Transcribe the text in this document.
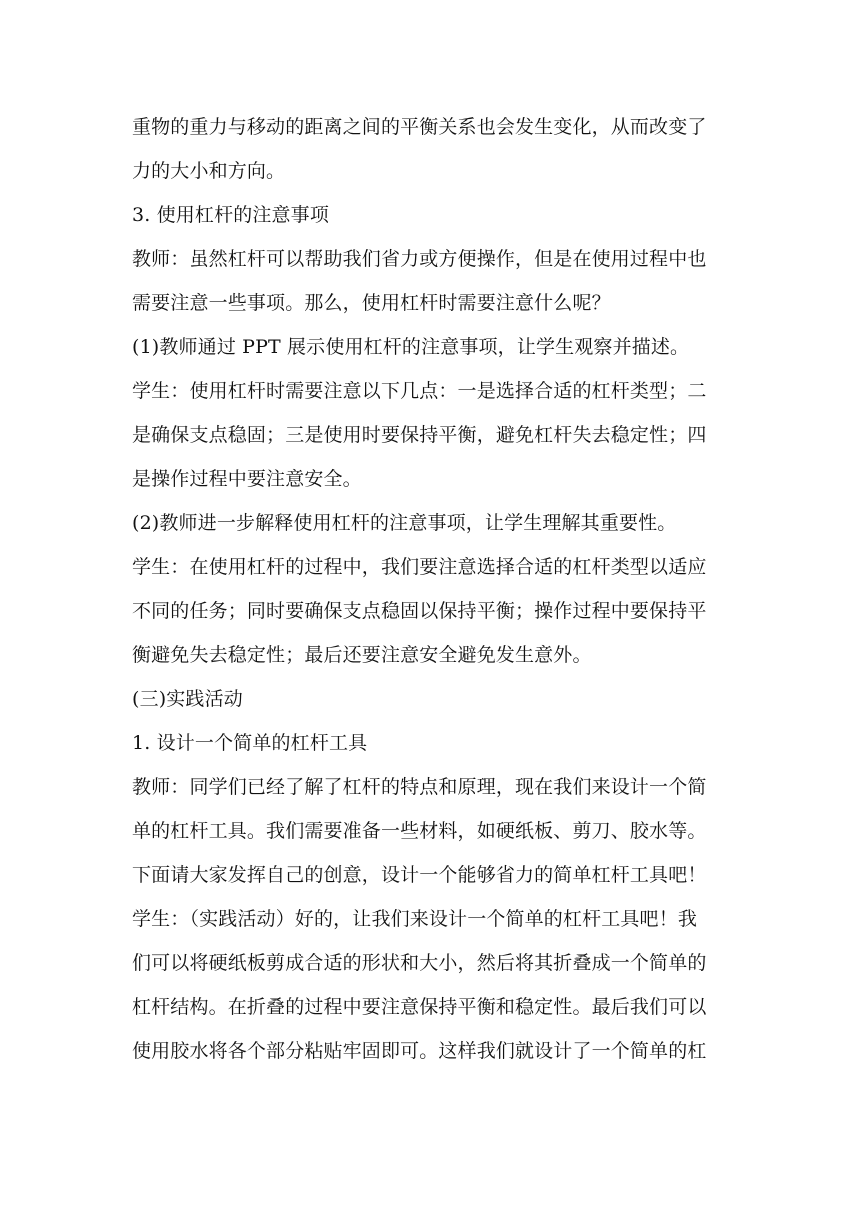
重物的重力与移动的距离之间的平衡关系也会发生变化，从而改变了
力的大小和方向。
3. 使用杠杆的注意事项
教师：虽然杠杆可以帮助我们省力或方便操作，但是在使用过程中也
需要注意一些事项。那么，使用杠杆时需要注意什么呢？
(1)教师通过 PPT 展示使用杠杆的注意事项，让学生观察并描述。
学生：使用杠杆时需要注意以下几点：一是选择合适的杠杆类型；二
是确保支点稳固；三是使用时要保持平衡，避免杠杆失去稳定性；四
是操作过程中要注意安全。
(2)教师进一步解释使用杠杆的注意事项，让学生理解其重要性。
学生：在使用杠杆的过程中，我们要注意选择合适的杠杆类型以适应
不同的任务；同时要确保支点稳固以保持平衡；操作过程中要保持平
衡避免失去稳定性；最后还要注意安全避免发生意外。
(三)实践活动
1. 设计一个简单的杠杆工具
教师：同学们已经了解了杠杆的特点和原理，现在我们来设计一个简
单的杠杆工具。我们需要准备一些材料，如硬纸板、剪刀、胶水等。
下面请大家发挥自己的创意，设计一个能够省力的简单杠杆工具吧！
学生：（实践活动）好的，让我们来设计一个简单的杠杆工具吧！我
们可以将硬纸板剪成合适的形状和大小，然后将其折叠成一个简单的
杠杆结构。在折叠的过程中要注意保持平衡和稳定性。最后我们可以
使用胶水将各个部分粘贴牢固即可。这样我们就设计了一个简单的杠
